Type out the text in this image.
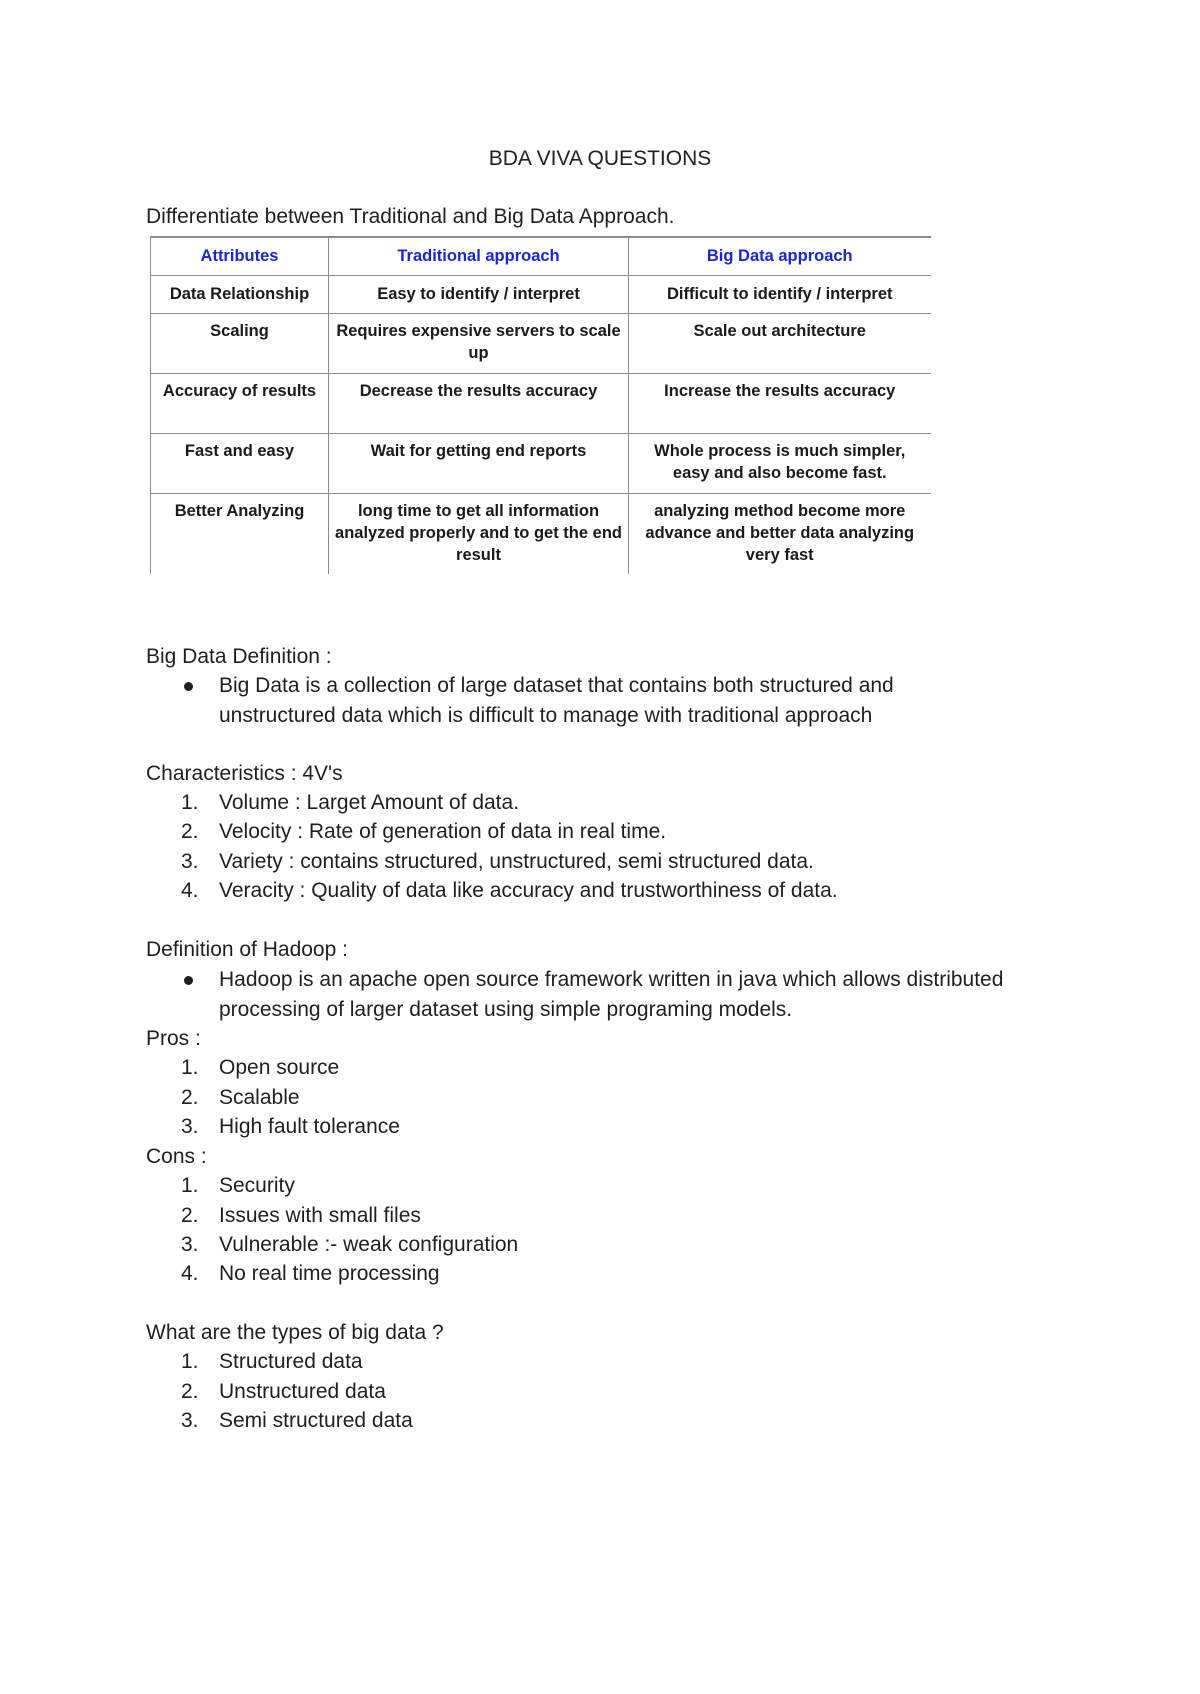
BDA VIVA QUESTIONS
Differentiate between Traditional and Big Data Approach.
Attributes	Traditional approach	Big Data approach
Data Relationship	Easy to identify / interpret	Difficult to identify / interpret
Scaling	Requires expensive servers to scale up	Scale out architecture
Accuracy of results	Decrease the results accuracy	Increase the results accuracy
Fast and easy	Wait for getting end reports	Whole process is much simpler, easy and also become fast.
Better Analyzing	long time to get all information analyzed properly and to get the end result	analyzing method become more advance and better data analyzing very fast
Big Data Definition :
Big Data is a collection of large dataset that contains both structured and
unstructured data which is difficult to manage with traditional approach
Characteristics : 4V's
1. Volume : Larget Amount of data.
2. Velocity : Rate of generation of data in real time.
3. Variety : contains structured, unstructured, semi structured data.
4. Veracity : Quality of data like accuracy and trustworthiness of data.
Definition of Hadoop :
Hadoop is an apache open source framework written in java which allows distributed
processing of larger dataset using simple programing models.
Pros :
1. Open source
2. Scalable
3. High fault tolerance
Cons :
1. Security
2. Issues with small files
3. Vulnerable :- weak configuration
4. No real time processing
What are the types of big data ?
1. Structured data
2. Unstructured data
3. Semi structured data
